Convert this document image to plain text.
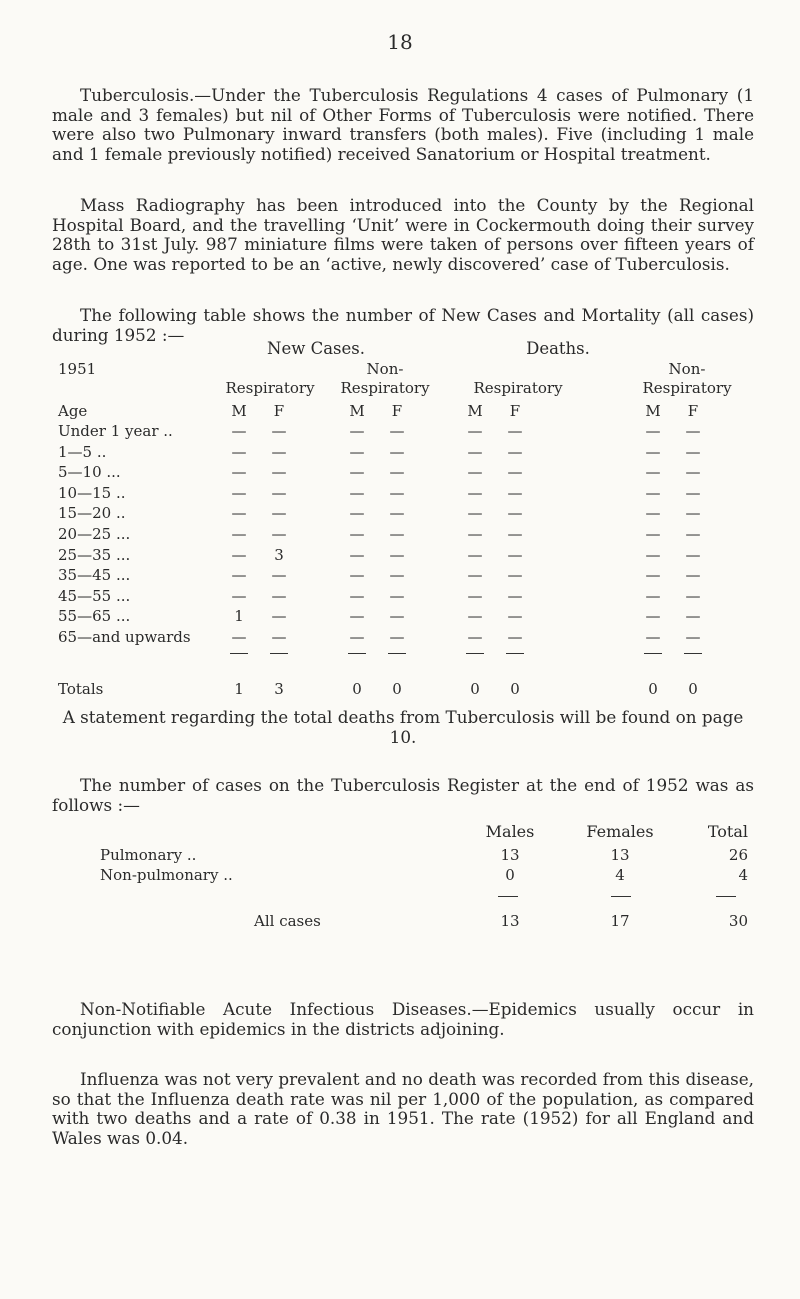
18

Tuberculosis.—Under the Tuberculosis Regulations 4 cases of Pulmonary (1 male and 3 females) but nil of Other Forms of Tuberculosis were notified. There were also two Pulmonary inward transfers (both males). Five (including 1 male and 1 female previously notified) received Sanatorium or Hospital treatment.

Mass Radiography has been introduced into the County by the Regional Hospital Board, and the travelling ‘Unit’ were in Cockermouth doing their survey 28th to 31st July. 987 miniature films were taken of persons over fifteen years of age. One was reported to be an ‘active, newly discovered’ case of Tuberculosis.

The following table shows the number of New Cases and Mortality (all cases) during 1952 :—

1951
New Cases.	Deaths.
Respiratory
Non-
Respiratory	Respiratory
Non-
Respiratory
Age	M	F	M	F	M	F	M	F
Under 1 year ..	—	—	—	—	—	—	—	—
1—5 ..	—	—	—	—	—	—	—	—
5—10 ...	—	—	—	—	—	—	—	—
10—15 ..	—	—	—	—	—	—	—	—
15—20 ..	—	—	—	—	—	—	—	—
20—25 ...	—	—	—	—	—	—	—	—
25—35 ...	—	3	—	—	—	—	—	—
35—45 ...	—	—	—	—	—	—	—	—
45—55 ...	—	—	—	—	—	—	—	—
55—65 ...	1	—	—	—	—	—	—	—
65—and upwards	—	—	—	—	—	—	—	—
Totals	1	3	0	0	0	0	0	0

A statement regarding the total deaths from Tuberculosis will be found on page 10.

The number of cases on the Tuberculosis Register at the end of 1952 was as follows :—

Males	Females	Total
Pulmonary ..	13	13	26
Non-pulmonary ..	0	4	4
All cases	13	17	30

Non-Notifiable Acute Infectious Diseases.—Epidemics usually occur in conjunction with epidemics in the districts adjoining.

Influenza was not very prevalent and no death was recorded from this disease, so that the Influenza death rate was nil per 1,000 of the population, as compared with two deaths and a rate of 0.38 in 1951. The rate (1952) for all England and Wales was 0.04.
